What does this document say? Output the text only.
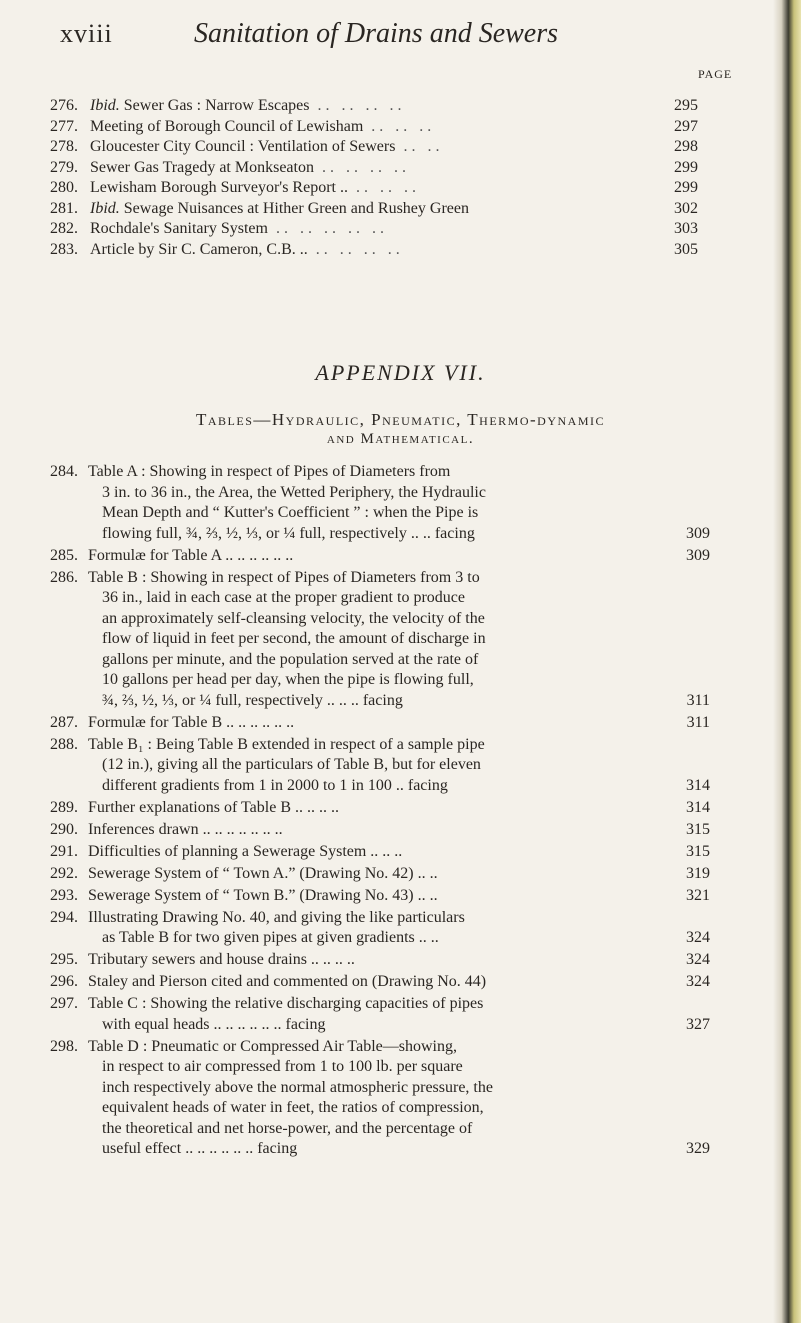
xviii	Sanitation of Drains and Sewers
PAGE
276. Ibid. Sewer Gas : Narrow Escapes .. .. .. ..	295
277. Meeting of Borough Council of Lewisham .. .. ..	297
278. Gloucester City Council : Ventilation of Sewers .. ..	298
279. Sewer Gas Tragedy at Monkseaton .. .. .. ..	299
280. Lewisham Borough Surveyor's Report .. .. .. ..	299
281. Ibid. Sewage Nuisances at Hither Green and Rushey Green	302
282. Rochdale's Sanitary System .. .. .. .. ..	303
283. Article by Sir C. Cameron, C.B. .. .. .. .. ..	305
APPENDIX VII.
Tables—Hydraulic, Pneumatic, Thermo-dynamic
and Mathematical.
284. Table A : Showing in respect of Pipes of Diameters from
3 in. to 36 in., the Area, the Wetted Periphery, the Hydraulic
Mean Depth and “ Kutter's Coefficient ” : when the Pipe is
flowing full, ¾, ⅔, ½, ⅓, or ¼ full, respectively .. .. facing	309
285. Formulæ for Table A .. .. .. .. .. ..	309
286. Table B : Showing in respect of Pipes of Diameters from 3 to
36 in., laid in each case at the proper gradient to produce
an approximately self-cleansing velocity, the velocity of the
flow of liquid in feet per second, the amount of discharge in
gallons per minute, and the population served at the rate of
10 gallons per head per day, when the pipe is flowing full,
¾, ⅔, ½, ⅓, or ¼ full, respectively .. .. .. facing	311
287. Formulæ for Table B .. .. .. .. .. ..	311
288. Table B₁ : Being Table B extended in respect of a sample pipe
(12 in.), giving all the particulars of Table B, but for eleven
different gradients from 1 in 2000 to 1 in 100 .. facing	314
289. Further explanations of Table B .. .. .. ..	314
290. Inferences drawn .. .. .. .. .. .. ..	315
291. Difficulties of planning a Sewerage System .. .. ..	315
292. Sewerage System of “ Town A.” (Drawing No. 42) .. ..	319
293. Sewerage System of “ Town B.” (Drawing No. 43) .. ..	321
294. Illustrating Drawing No. 40, and giving the like particulars
as Table B for two given pipes at given gradients .. ..	324
295. Tributary sewers and house drains .. .. .. ..	324
296. Staley and Pierson cited and commented on (Drawing No. 44)	324
297. Table C : Showing the relative discharging capacities of pipes
with equal heads .. .. .. .. .. .. facing	327
298. Table D : Pneumatic or Compressed Air Table—showing,
in respect to air compressed from 1 to 100 lb. per square
inch respectively above the normal atmospheric pressure, the
equivalent heads of water in feet, the ratios of compression,
the theoretical and net horse-power, and the percentage of
useful effect .. .. .. .. .. .. facing	329
